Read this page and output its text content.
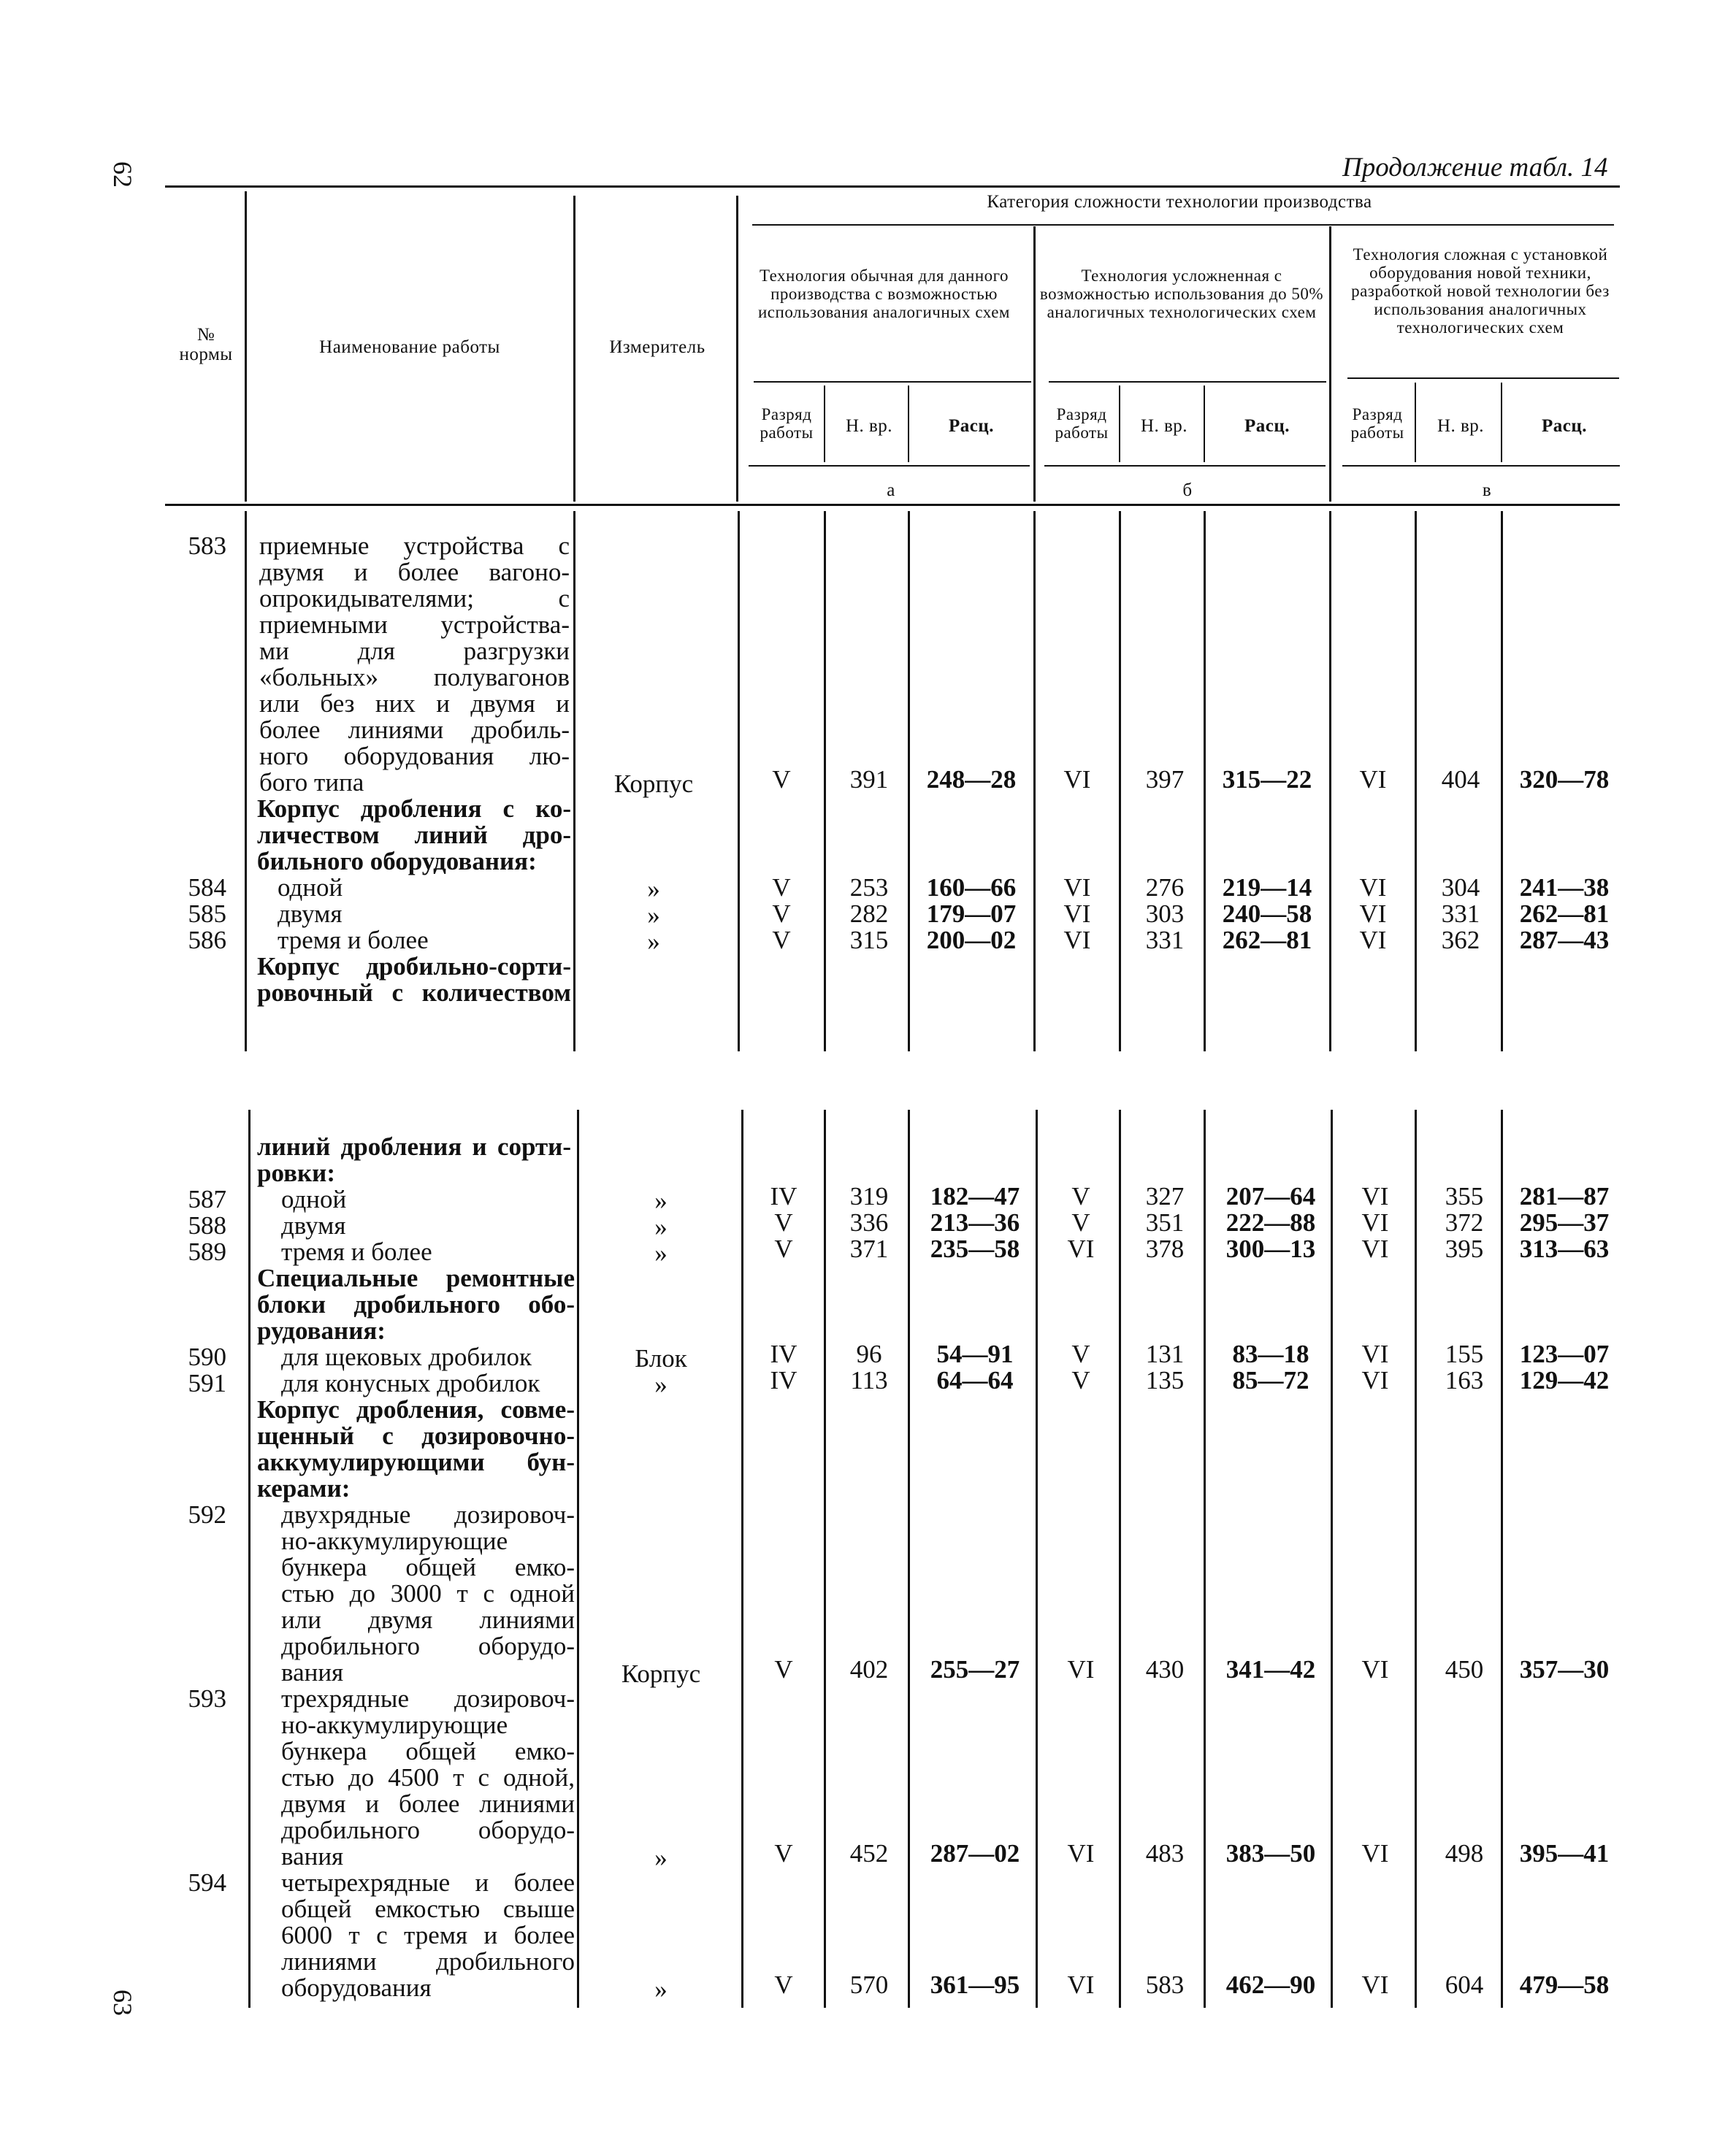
62
63
Продолжение табл. 14
№ нормы	Наименование работы	Измеритель
Категория сложности технологии производства
Технология обычная для данного производства с возможностью использования аналогичных схем
Технология усложненная с возможностью использования до 50% аналогичных технологических схем
Технология сложная с установкой оборудования новой техники, разработкой новой технологии без использования аналогичных технологических схем
Разряд работы	Н. вр.	Расц.
Разряд работы	Н. вр.	Расц.
Разряд работы	Н. вр.	Расц.
а	б	в
583 приемные устройства с
двумя и более вагоно-
опрокидывателями; с
приемными устройства-
ми для разгрузки
«больных» полувагонов
или без них и двумя и
более линиями дробиль-
ного оборудования лю-
бого типа	Корпус	V	391	248—28	VI	397	315—22	VI	404	320—78
Корпус дробления с ко-
личеством линий дро-
бильного оборудования:
584 одной	»	V	253	160—66	VI	276	219—14	VI	304	241—38
585 двумя	»	V	282	179—07	VI	303	240—58	VI	331	262—81
586 тремя и более	»	V	315	200—02	VI	331	262—81	VI	362	287—43
Корпус дробильно-сорти-
ровочный с количеством
линий дробления и сорти-
ровки:
587 одной	»	IV	319	182—47	V	327	207—64	VI	355	281—87
588 двумя	»	V	336	213—36	V	351	222—88	VI	372	295—37
589 тремя и более	»	V	371	235—58	VI	378	300—13	VI	395	313—63
Специальные ремонтные
блоки дробильного обо-
рудования:
590 для щековых дробилок	Блок	IV	96	54—91	V	131	83—18	VI	155	123—07
591 для конусных дробилок	»	IV	113	64—64	V	135	85—72	VI	163	129—42
Корпус дробления, совме-
щенный с дозировочно-
аккумулирующими бун-
керами:
592 двухрядные дозировоч-
но-аккумулирующие
бункера общей емко-
стью до 3000 т с одной
или двумя линиями
дробильного оборудо-
вания	Корпус	V	402	255—27	VI	430	341—42	VI	450	357—30
593 трехрядные дозировоч-
но-аккумулирующие
бункера общей емко-
стью до 4500 т с одной,
двумя и более линиями
дробильного оборудо-
вания	»	V	452	287—02	VI	483	383—50	VI	498	395—41
594 четырехрядные и более
общей емкостью свыше
6000 т с тремя и более
линиями дробильного
оборудования	»	V	570	361—95	VI	583	462—90	VI	604	479—58
